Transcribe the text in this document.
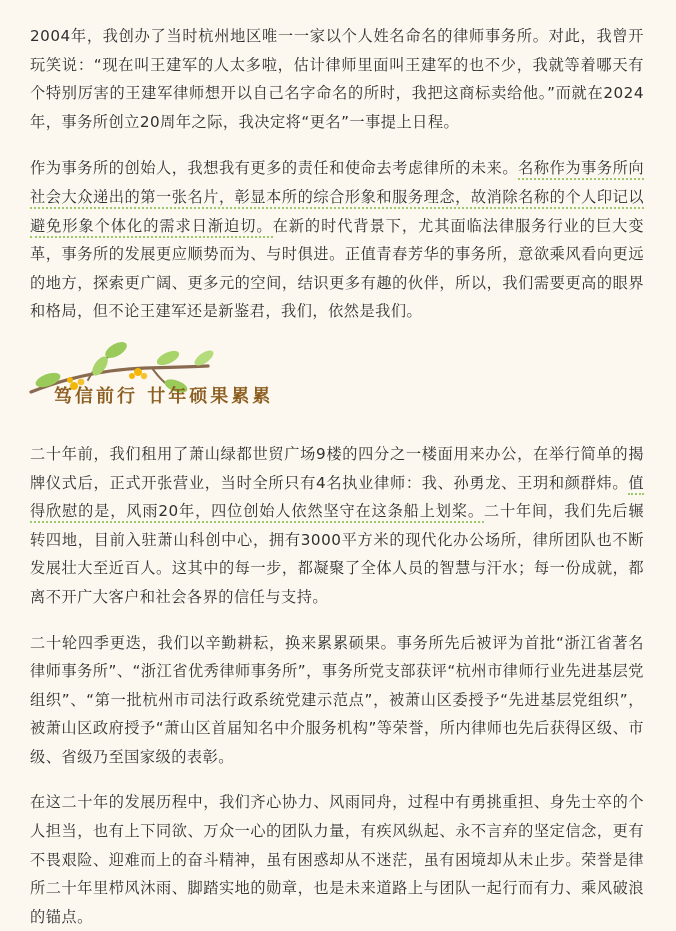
2004年，我创办了当时杭州地区唯一一家以个人姓名命名的律师事务所。对此，我曾开玩笑说：“现在叫王建军的人太多啦，估计律师里面叫王建军的也不少，我就等着哪天有个特别厉害的王建军律师想开以自己名字命名的所时，我把这商标卖给他。”而就在2024年，事务所创立20周年之际，我决定将“更名”一事提上日程。

作为事务所的创始人，我想我有更多的责任和使命去考虑律所的未来。名称作为事务所向社会大众递出的第一张名片，彰显本所的综合形象和服务理念，故消除名称的个人印记以避免形象个体化的需求日渐迫切。在新的时代背景下，尤其面临法律服务行业的巨大变革，事务所的发展更应顺势而为、与时俱进。正值青春芳华的事务所，意欲乘风看向更远的地方，探索更广阔、更多元的空间，结识更多有趣的伙伴，所以，我们需要更高的眼界和格局，但不论王建军还是新鉴君，我们，依然是我们。

笃信前行 廿年硕果累累

二十年前，我们租用了萧山绿都世贸广场9楼的四分之一楼面用来办公，在举行简单的揭牌仪式后，正式开张营业，当时全所只有4名执业律师：我、孙勇龙、王玥和颜群炜。值得欣慰的是，风雨20年，四位创始人依然坚守在这条船上划桨。二十年间，我们先后辗转四地，目前入驻萧山科创中心，拥有3000平方米的现代化办公场所，律所团队也不断发展壮大至近百人。这其中的每一步，都凝聚了全体人员的智慧与汗水；每一份成就，都离不开广大客户和社会各界的信任与支持。

二十轮四季更迭，我们以辛勤耕耘，换来累累硕果。事务所先后被评为首批“浙江省著名律师事务所”、“浙江省优秀律师事务所”，事务所党支部获评“杭州市律师行业先进基层党组织”、“第一批杭州市司法行政系统党建示范点”，被萧山区委授予“先进基层党组织”，被萧山区政府授予“萧山区首届知名中介服务机构”等荣誉，所内律师也先后获得区级、市级、省级乃至国家级的表彰。

在这二十年的发展历程中，我们齐心协力、风雨同舟，过程中有勇挑重担、身先士卒的个人担当，也有上下同欲、万众一心的团队力量，有疾风纵起、永不言弃的坚定信念，更有不畏艰险、迎难而上的奋斗精神，虽有困惑却从不迷茫，虽有困境却从未止步。荣誉是律所二十年里栉风沐雨、脚踏实地的勋章，也是未来道路上与团队一起行而有力、乘风破浪的锚点。
